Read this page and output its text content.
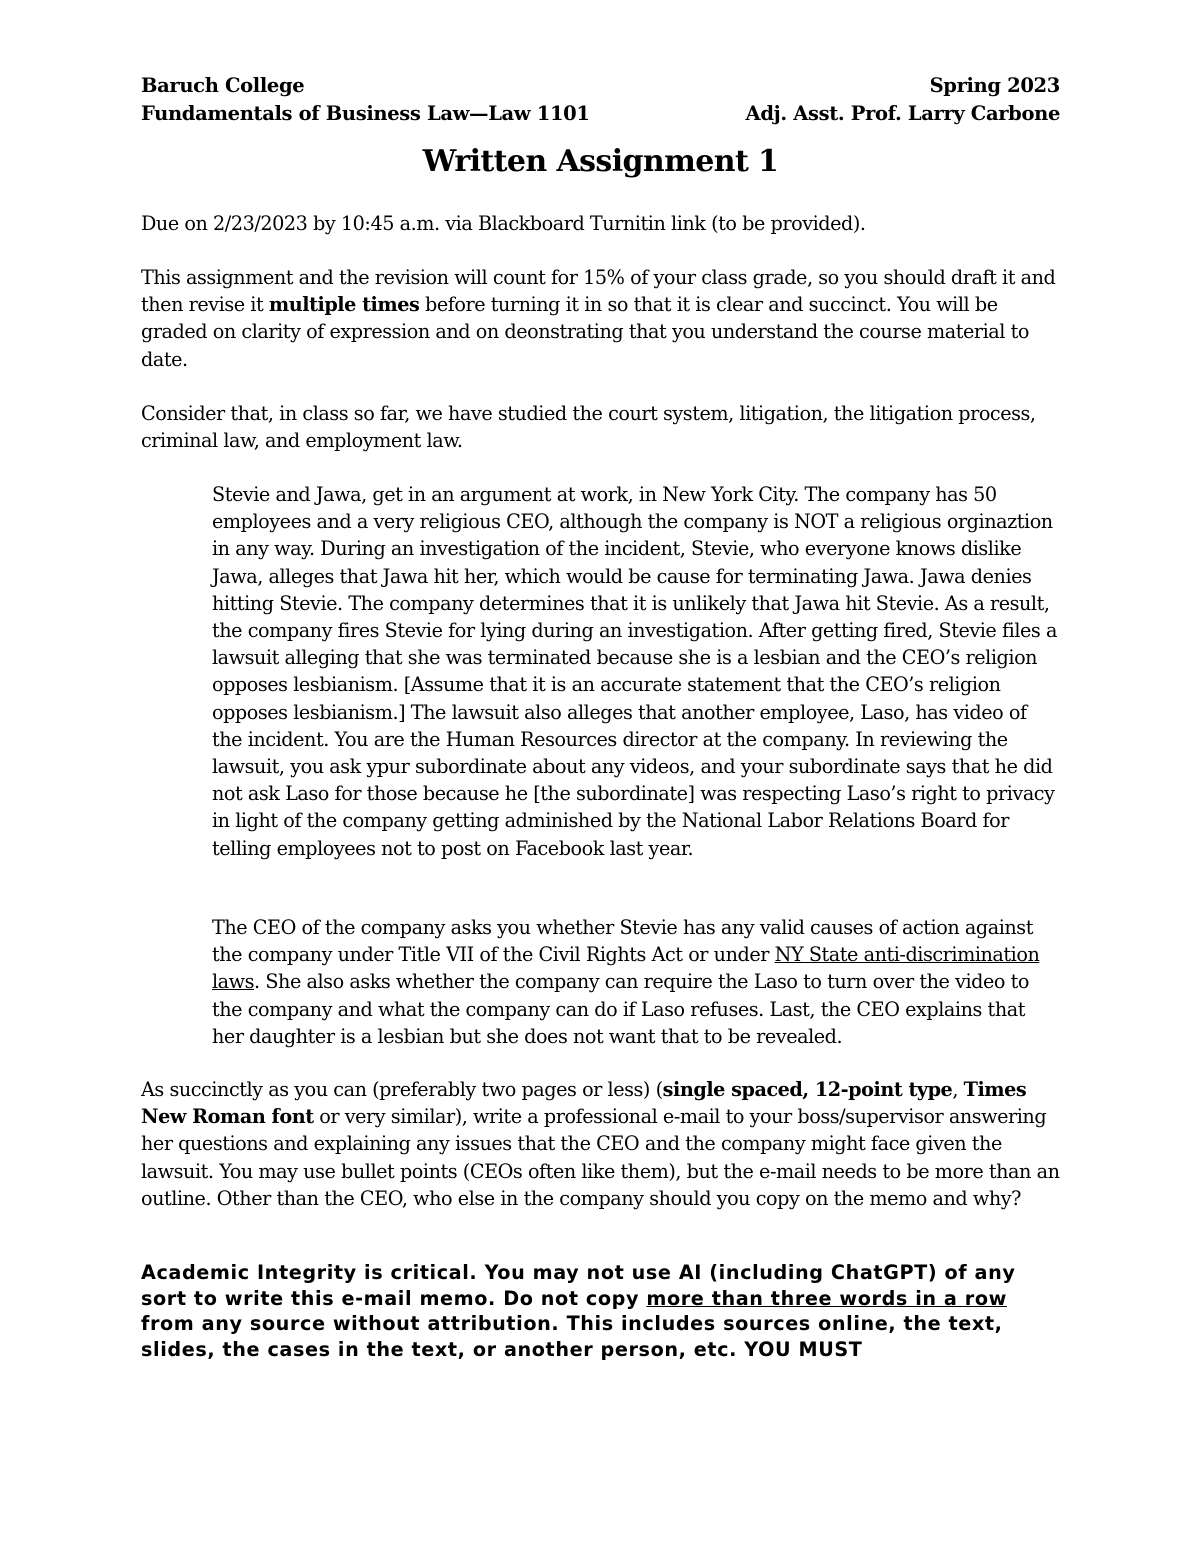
Baruch College	Spring 2023
Fundamentals of Business Law—Law 1101	Adj. Asst. Prof. Larry Carbone
Written Assignment 1

Due on 2/23/2023 by 10:45 a.m. via Blackboard Turnitin link (to be provided).

This assignment and the revision will count for 15% of your class grade, so you should draft it and then revise it multiple times before turning it in so that it is clear and succinct. You will be graded on clarity of expression and on deonstrating that you understand the course material to date.

Consider that, in class so far, we have studied the court system, litigation, the litigation process, criminal law, and employment law.

Stevie and Jawa, get in an argument at work, in New York City. The company has 50 employees and a very religious CEO, although the company is NOT a religious orginaztion in any way. During an investigation of the incident, Stevie, who everyone knows dislike Jawa, alleges that Jawa hit her, which would be cause for terminating Jawa. Jawa denies hitting Stevie. The company determines that it is unlikely that Jawa hit Stevie. As a result, the company fires Stevie for lying during an investigation. After getting fired, Stevie files a lawsuit alleging that she was terminated because she is a lesbian and the CEO’s religion opposes lesbianism. [Assume that it is an accurate statement that the CEO’s religion opposes lesbianism.] The lawsuit also alleges that another employee, Laso, has video of the incident. You are the Human Resources director at the company. In reviewing the lawsuit, you ask ypur subordinate about any videos, and your subordinate says that he did not ask Laso for those because he [the subordinate] was respecting Laso’s right to privacy in light of the company getting adminished by the National Labor Relations Board for telling employees not to post on Facebook last year.

The CEO of the company asks you whether Stevie has any valid causes of action against the company under Title VII of the Civil Rights Act or under NY State anti-discrimination laws. She also asks whether the company can require the Laso to turn over the video to the company and what the company can do if Laso refuses. Last, the CEO explains that her daughter is a lesbian but she does not want that to be revealed.

As succinctly as you can (preferably two pages or less) (single spaced, 12-point type, Times New Roman font or very similar), write a professional e-mail to your boss/supervisor answering her questions and explaining any issues that the CEO and the company might face given the lawsuit. You may use bullet points (CEOs often like them), but the e-mail needs to be more than an outline. Other than the CEO, who else in the company should you copy on the memo and why?

Academic Integrity is critical. You may not use AI (including ChatGPT) of any sort to write this e-mail memo. Do not copy more than three words in a row from any source without attribution. This includes sources online, the text, slides, the cases in the text, or another person, etc. YOU MUST
